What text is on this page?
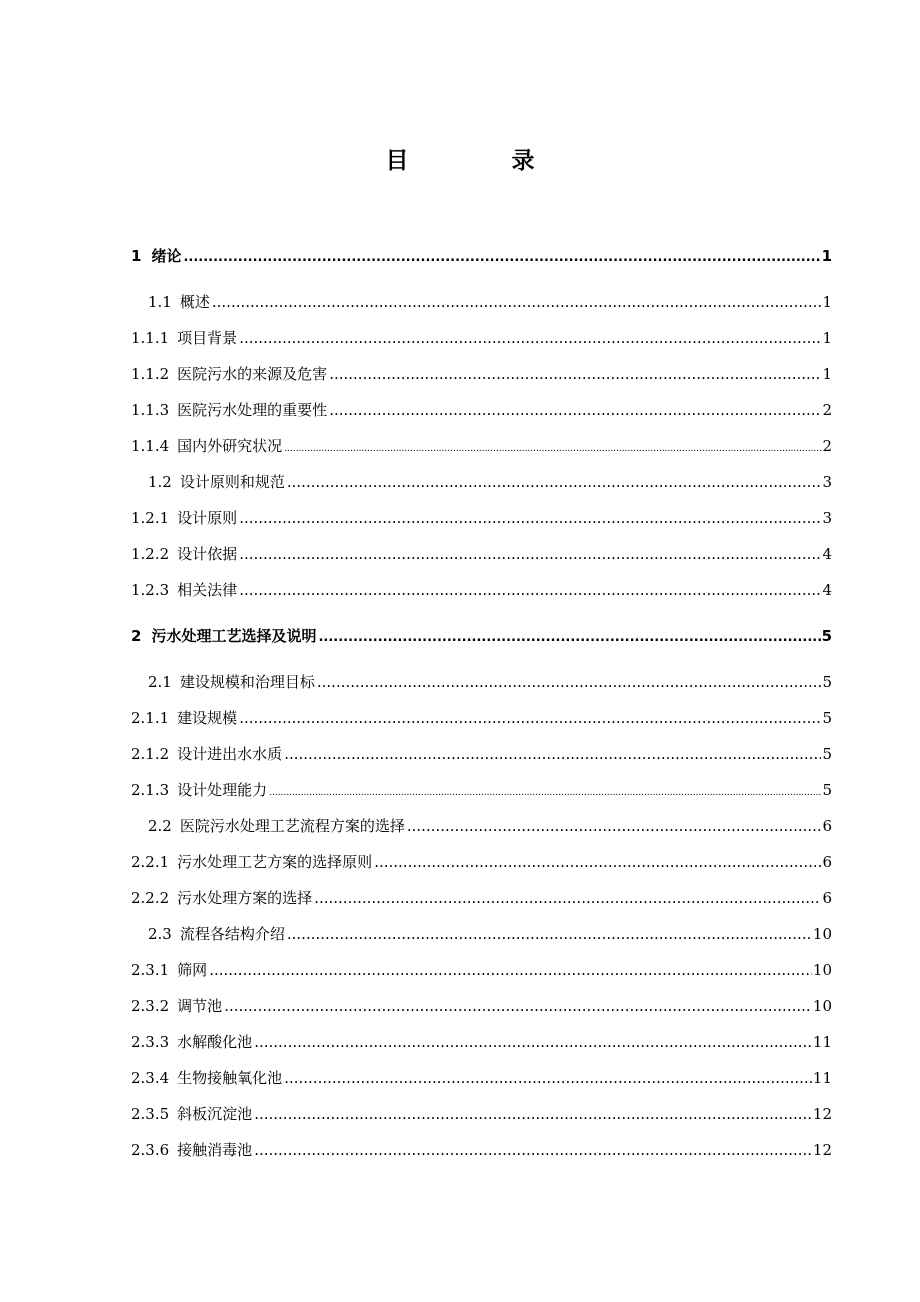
目　录
1 绪论 .....	1
1.1 概述 .....	1
1.1.1 项目背景 .....	1
1.1.2 医院污水的来源及危害 .....	1
1.1.3 医院污水处理的重要性 .....	2
1.1.4 国内外研究状况 .....	2
1.2 设计原则和规范 .....	3
1.2.1 设计原则 .....	3
1.2.2 设计依据 .....	4
1.2.3 相关法律 .....	4
2 污水处理工艺选择及说明 .....	5
2.1 建设规模和治理目标 .....	5
2.1.1 建设规模 .....	5
2.1.2 设计进出水水质 .....	5
2.1.3 设计处理能力 .....	5
2.2 医院污水处理工艺流程方案的选择 .....	6
2.2.1 污水处理工艺方案的选择原则 .....	6
2.2.2 污水处理方案的选择 .....	6
2.3 流程各结构介绍 .....	10
2.3.1 筛网 .....	10
2.3.2 调节池 .....	10
2.3.3 水解酸化池 .....	11
2.3.4 生物接触氧化池 .....	11
2.3.5 斜板沉淀池 .....	12
2.3.6 接触消毒池 .....	12
